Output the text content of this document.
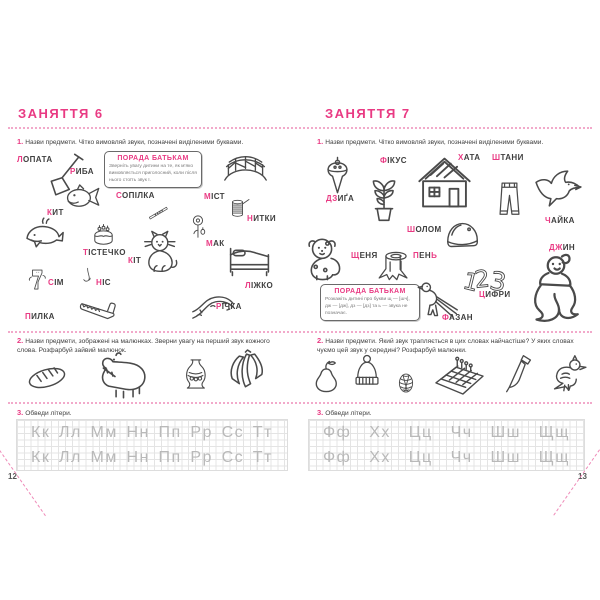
ЗАНЯТТЯ 6	ЗАНЯТТЯ 7
1. Назви предмети. Чітко вимовляй звуки, позначені виділеними буквами.	1. Назви предмети. Чітко вимовляй звуки, позначені виділеними буквами.
ПОРАДА БАТЬКАМ
Зверніть увагу дитини на те, як м’яко вимовляється приголосний, коли після нього стоїть звук І.
ПОРАДА БАТЬКАМ
Розкажіть дитині про букви щ — [шч], дж — [дж], дз — [дз] та ь — звука не позначає.
ЛОПАТА
РИБА
МІСТ
СОПІЛКА
КИТ
НИТКИ
ТІСТЕЧКО
МАК
КІТ
ЛІЖКО
СІМ	НІС
ПИЛКА
РІЧКА
ДЗИҐА
ФІКУС	ХАТА ШТАНИ
ЧАЙКА
ШОЛОМ
ЩЕНЯ	ПЕНЬ
ДЖИН
ЦИФРИ
ФАЗАН
2. Назви предмети, зображені на малюнках. Зверни увагу на перший звук кожного слова. Розфарбуй зайвий малюнок.
2. Назви предмети. Який звук трапляється в цих словах найчастіше? У яких словах чуємо цей звук у середині? Розфарбуй малюнки.
3. Обведи літери.	3. Обведи літери.
Кк Лл Мм Нн Пп Рр Сс Тт
Кк Лл Мм Нн Пп Рр Сс Тт
Фф Хх Цц Чч Шш Щщ
Фф Хх Цц Чч Шш Щщ
12	13
